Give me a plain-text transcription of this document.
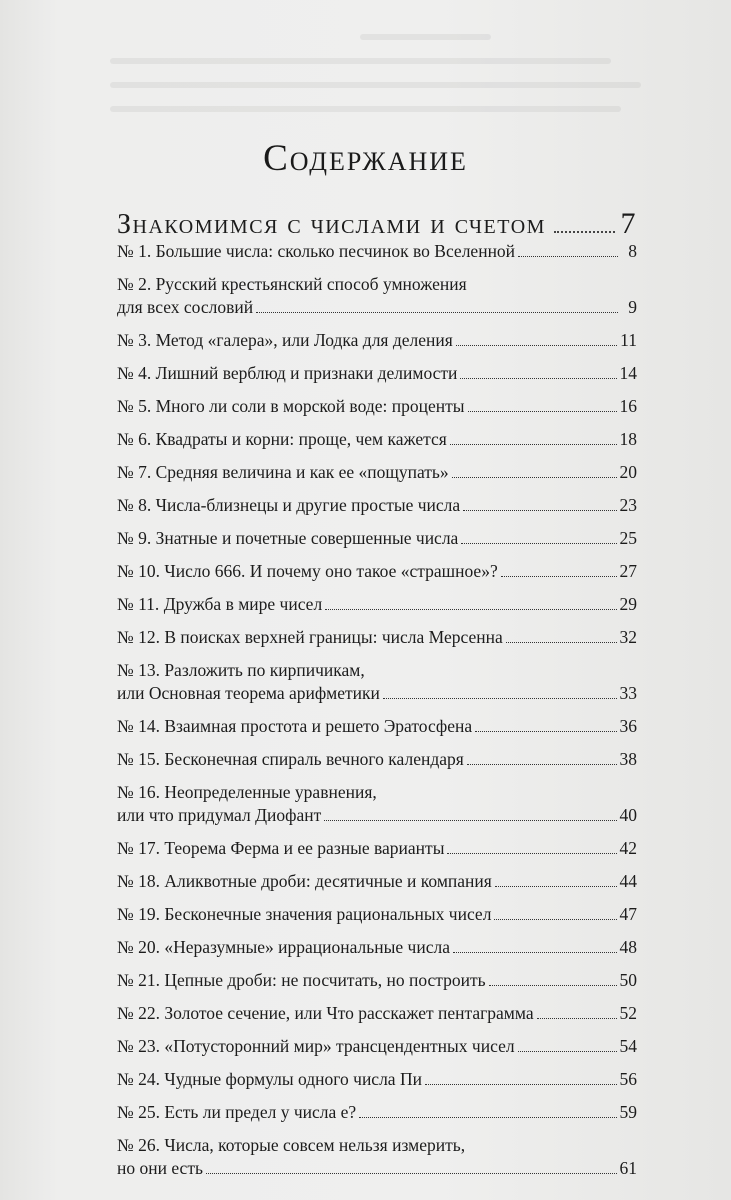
Содержание
Знакомимся с числами и счетом 7
№ 1.
Большие числа: сколько песчинок во Вселенной	8
№ 2.
Русский крестьянский способ умножения
для всех сословий	9
№ 3.
Метод «галера», или Лодка для деления	11
№ 4.
Лишний верблюд и признаки делимости	14
№ 5.
Много ли соли в морской воде: проценты	16
№ 6.
Квадраты и корни: проще, чем кажется	18
№ 7.
Средняя величина и как ее «пощупать»	20
№ 8.
Числа-близнецы и другие простые числа	23
№ 9.
Знатные и почетные совершенные числа	25
№ 10.
Число 666. И почему оно такое «страшное»?	27
№ 11.
Дружба в мире чисел	29
№ 12.
В поисках верхней границы: числа Мерсенна	32
№ 13.
Разложить по кирпичикам,
или Основная теорема арифметики	33
№ 14.
Взаимная простота и решето Эратосфена	36
№ 15.
Бесконечная спираль вечного календаря	38
№ 16.
Неопределенные уравнения,
или что придумал Диофант	40
№ 17.
Теорема Ферма и ее разные варианты	42
№ 18.
Аликвотные дроби: десятичные и компания	44
№ 19.
Бесконечные значения рациональных чисел	47
№ 20.
«Неразумные» иррациональные числа	48
№ 21.
Цепные дроби: не посчитать, но построить	50
№ 22.
Золотое сечение, или Что расскажет пентаграмма	52
№ 23.
«Потусторонний мир» трансцендентных чисел	54
№ 24.
Чудные формулы одного числа Пи	56
№ 25.
Есть ли предел у числа е?	59
№ 26.
Числа, которые совсем нельзя измерить,
но они есть	61
